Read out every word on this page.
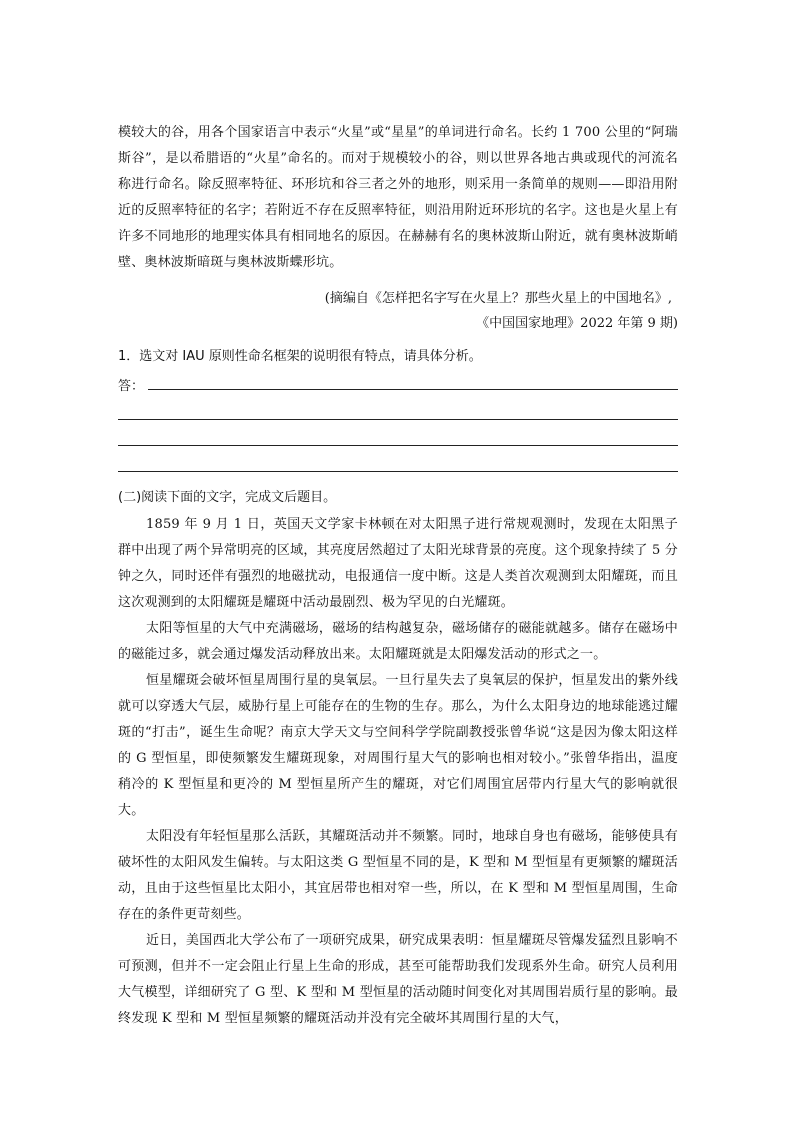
模较大的谷，用各个国家语言中表示“火星”或“星星”的单词进行命名。长约 1 700 公里的“阿瑞斯谷”，是以希腊语的“火星”命名的。而对于规模较小的谷，则以世界各地古典或现代的河流名称进行命名。除反照率特征、环形坑和谷三者之外的地形，则采用一条简单的规则——即沿用附近的反照率特征的名字；若附近不存在反照率特征，则沿用附近环形坑的名字。这也是火星上有许多不同地形的地理实体具有相同地名的原因。在赫赫有名的奥林波斯山附近，就有奥林波斯峭壁、奥林波斯暗斑与奥林波斯蝶形坑。

(摘编自《怎样把名字写在火星上？那些火星上的中国地名》,
《中国国家地理》2022 年第 9 期)
1．选文对 IAU 原则性命名框架的说明很有特点，请具体分析。
答：
(二)阅读下面的文字，完成文后题目。

1859 年 9 月 1 日，英国天文学家卡林顿在对太阳黑子进行常规观测时，发现在太阳黑子群中出现了两个异常明亮的区域，其亮度居然超过了太阳光球背景的亮度。这个现象持续了 5 分钟之久，同时还伴有强烈的地磁扰动，电报通信一度中断。这是人类首次观测到太阳耀斑，而且这次观测到的太阳耀斑是耀斑中活动最剧烈、极为罕见的白光耀斑。

太阳等恒星的大气中充满磁场，磁场的结构越复杂，磁场储存的磁能就越多。储存在磁场中的磁能过多，就会通过爆发活动释放出来。太阳耀斑就是太阳爆发活动的形式之一。

恒星耀斑会破坏恒星周围行星的臭氧层。一旦行星失去了臭氧层的保护，恒星发出的紫外线就可以穿透大气层，威胁行星上可能存在的生物的生存。那么，为什么太阳身边的地球能逃过耀斑的“打击”，诞生生命呢？南京大学天文与空间科学学院副教授张曾华说“这是因为像太阳这样的 G 型恒星，即使频繁发生耀斑现象，对周围行星大气的影响也相对较小。”张曾华指出，温度稍冷的 K 型恒星和更冷的 M 型恒星所产生的耀斑，对它们周围宜居带内行星大气的影响就很大。

太阳没有年轻恒星那么活跃，其耀斑活动并不频繁。同时，地球自身也有磁场，能够使具有破坏性的太阳风发生偏转。与太阳这类 G 型恒星不同的是，K 型和 M 型恒星有更频繁的耀斑活动，且由于这些恒星比太阳小，其宜居带也相对窄一些，所以，在 K 型和 M 型恒星周围，生命存在的条件更苛刻些。

近日，美国西北大学公布了一项研究成果，研究成果表明：恒星耀斑尽管爆发猛烈且影响不可预测，但并不一定会阻止行星上生命的形成，甚至可能帮助我们发现系外生命。研究人员利用大气模型，详细研究了 G 型、K 型和 M 型恒星的活动随时间变化对其周围岩质行星的影响。最终发现 K 型和 M 型恒星频繁的耀斑活动并没有完全破坏其周围行星的大气，
